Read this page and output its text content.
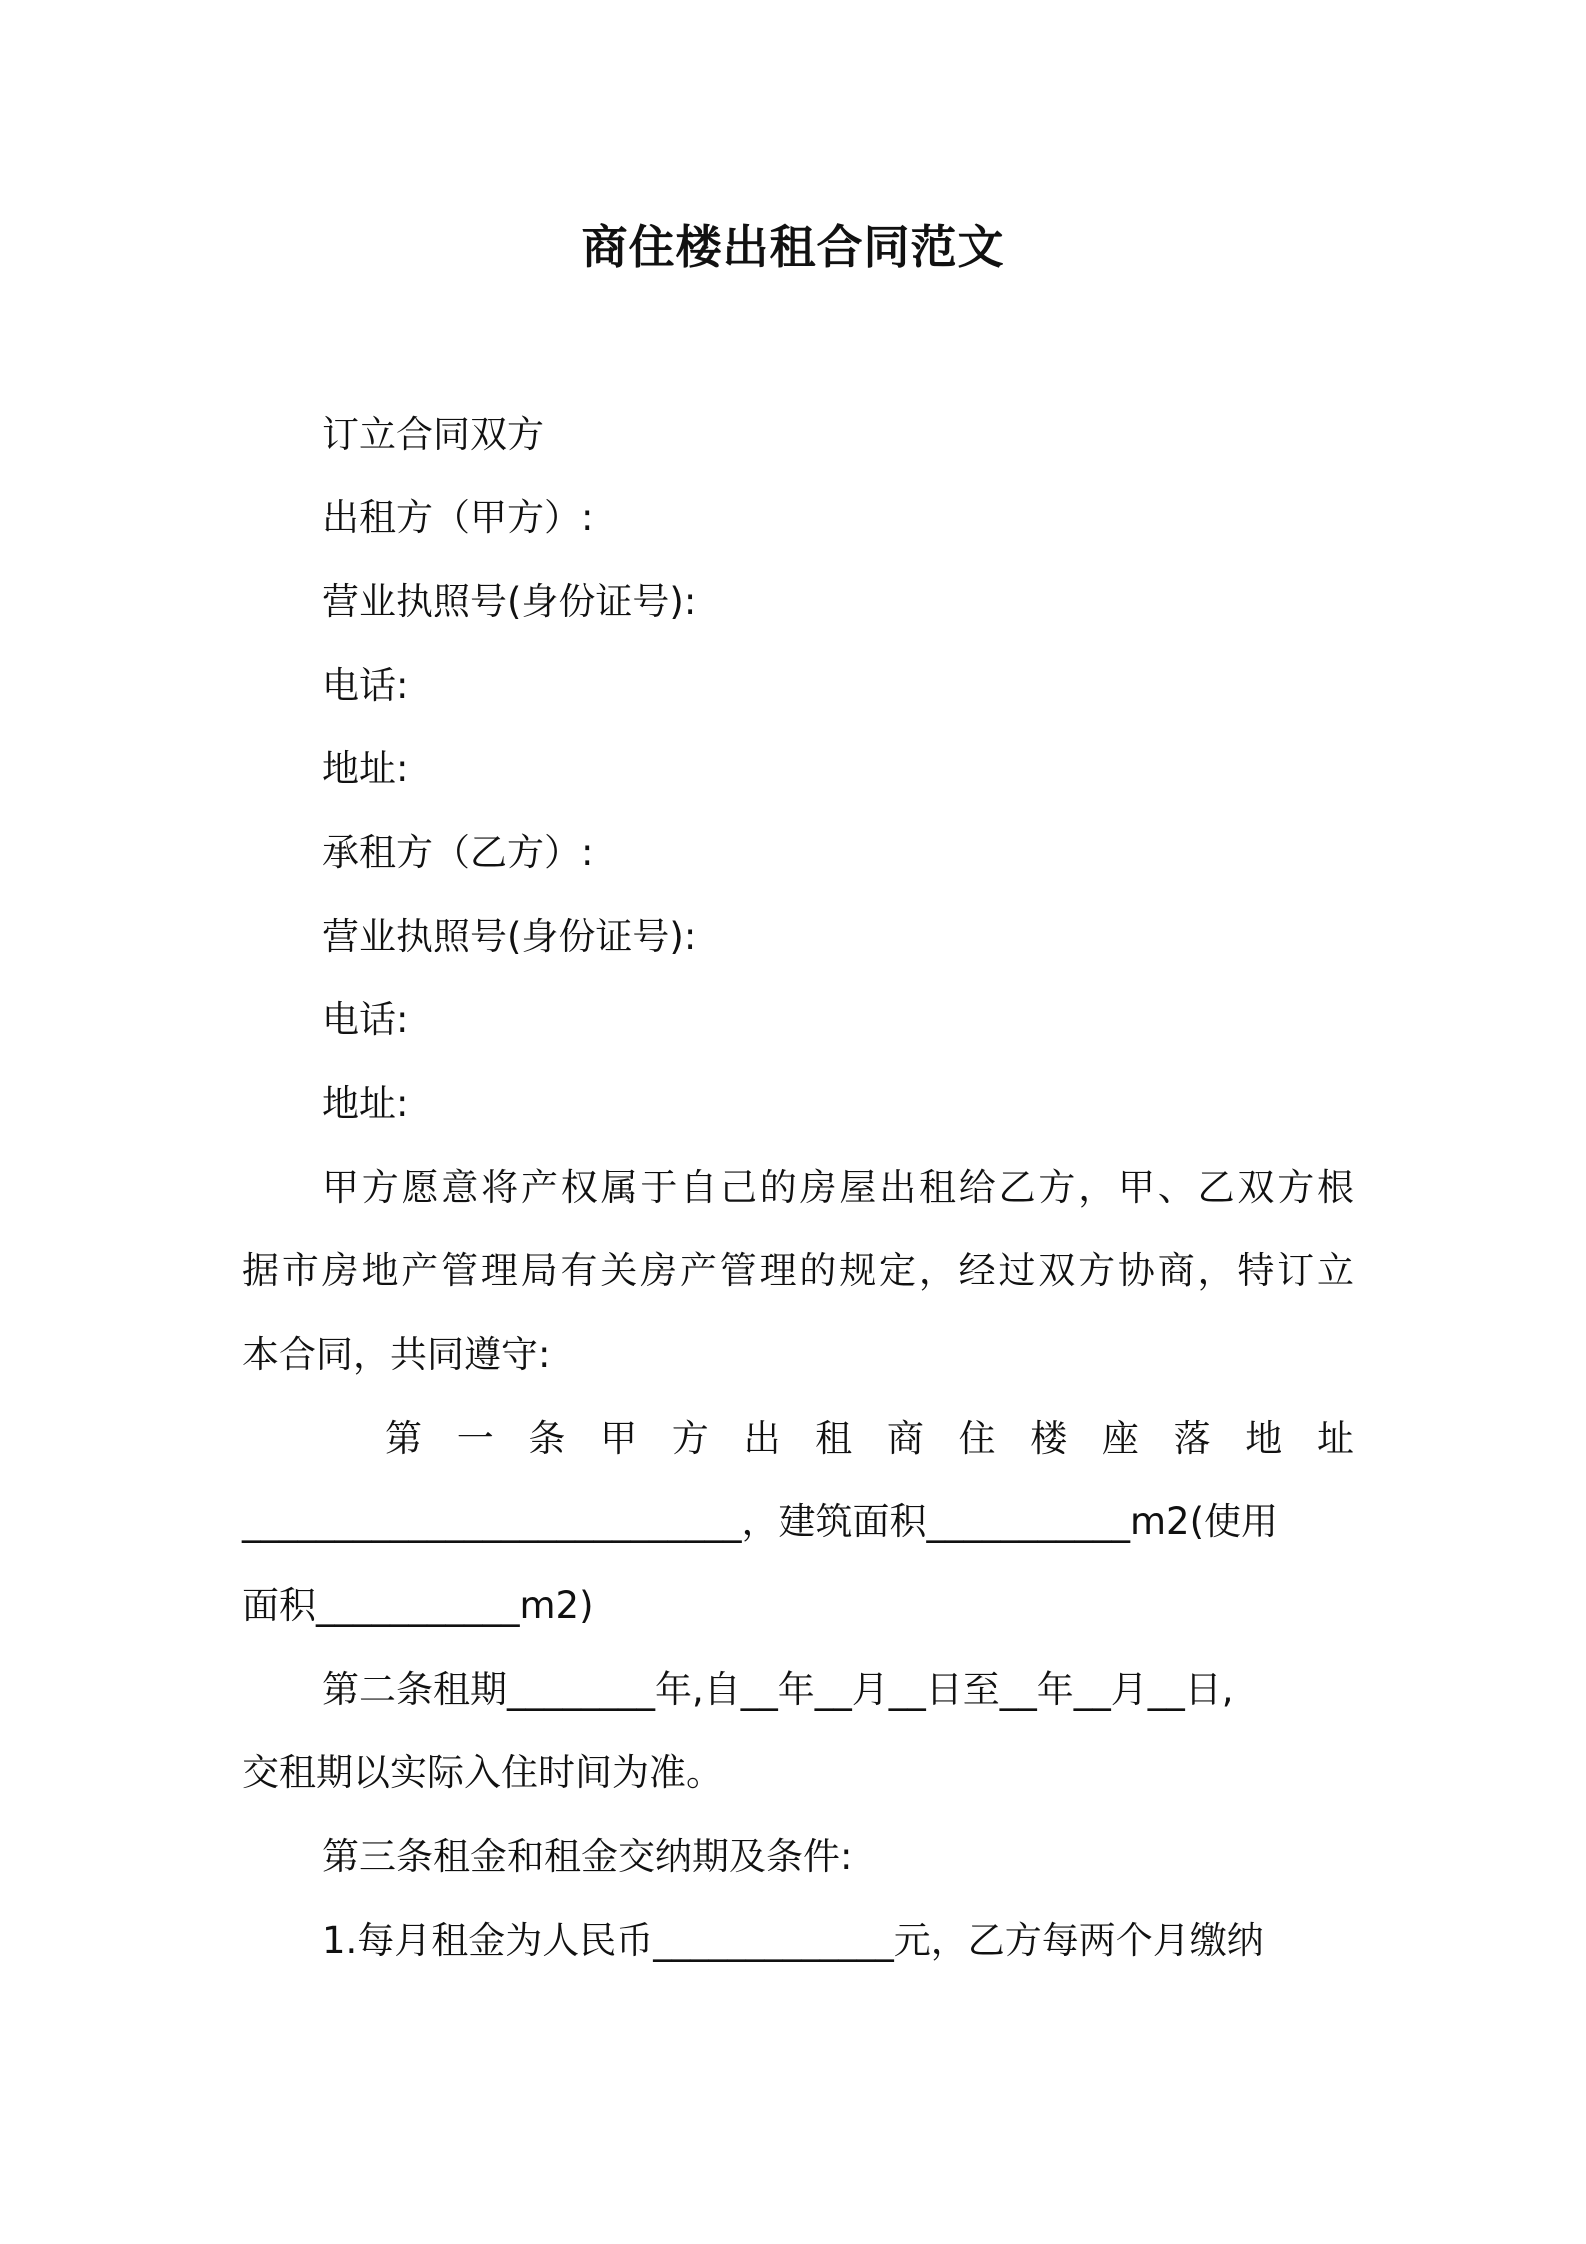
商住楼出租合同范文

订立合同双方

出租方（甲方）:

营业执照号(身份证号):

电话:

地址:

承租方（乙方）:

营业执照号(身份证号):

电话:

地址:

甲方愿意将产权属于自己的房屋出租给乙方，甲、乙双方根

据市房地产管理局有关房产管理的规定，经过双方协商，特订立

本合同，共同遵守:

第 一 条 甲 方 出 租 商 住 楼 座 落 地 址

___________________________，建筑面积___________m2(使用

面积___________m2)

第二条租期________年,自__年__月__日至__年__月__日,

交租期以实际入住时间为准。

第三条租金和租金交纳期及条件:

1.每月租金为人民币_____________元，乙方每两个月缴纳
